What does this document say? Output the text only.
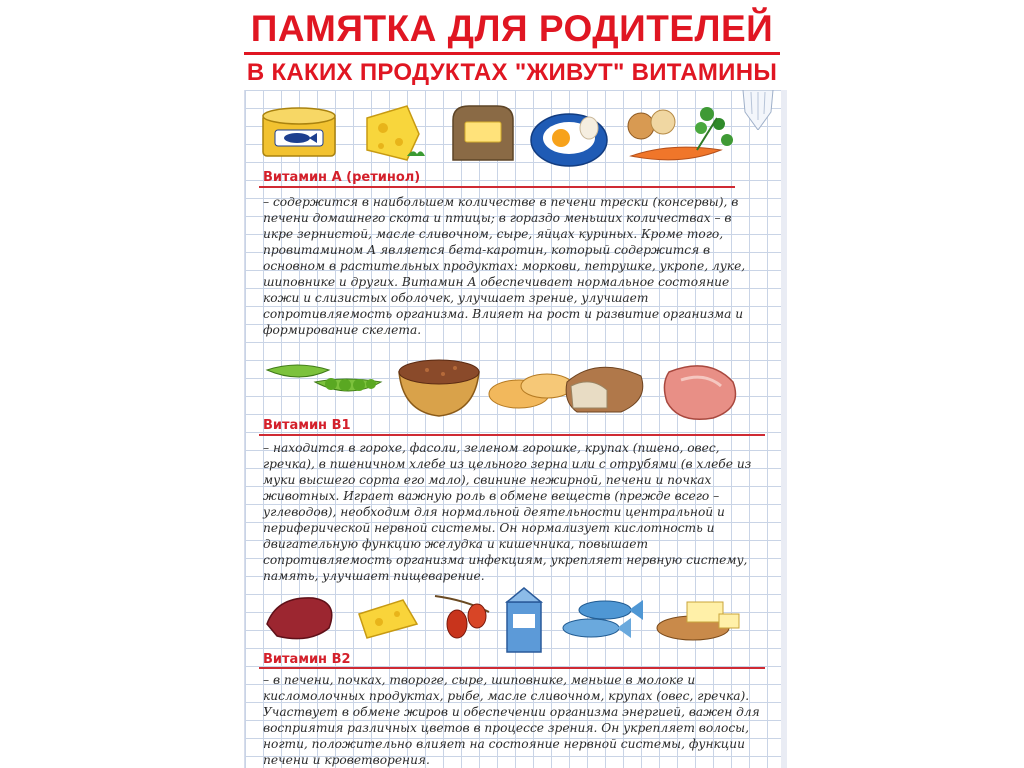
ПАМЯТКА ДЛЯ РОДИТЕЛЕЙ
В КАКИХ ПРОДУКТАХ "ЖИВУТ" ВИТАМИНЫ
Витамин А (ретинол)
– содержится в наибольшем количестве в печени трески (консервы), в печени домашнего скота и птицы; в гораздо меньших количествах – в икре зернистой, масле сливочном, сыре, яйцах куриных. Кроме того, провитамином А является бета-каротин, который содержится в основном в растительных продуктах: моркови, петрушке, укропе, луке, шиповнике и других. Витамин А обеспечивает нормальное состояние кожи и слизистых оболочек, улучшает зрение, улучшает сопротивляемость организма. Влияет на рост и развитие организма и формирование скелета.
Витамин В1
– находится в горохе, фасоли, зеленом горошке, крупах (пшено, овес, гречка), в пшеничном хлебе из цельного зерна или с отрубями (в хлебе из муки высшего сорта его мало), свинине нежирной, печени и почках животных. Играет важную роль в обмене веществ (прежде всего – углеводов), необходим для нормальной деятельности центральной и периферической нервной системы. Он нормализует кислотность и двигательную функцию желудка и кишечника, повышает сопротивляемость организма инфекциям, укрепляет нервную систему, память, улучшает пищеварение.
Витамин В2
– в печени, почках, твороге, сыре, шиповнике, меньше в молоке и кисломолочных продуктах, рыбе, масле сливочном, крупах (овес, гречка). Участвует в обмене жиров и обеспечении организма энергией, важен для восприятия различных цветов в процессе зрения. Он укрепляет волосы, ногти, положительно влияет на состояние нервной системы, функции печени и кроветворения.
